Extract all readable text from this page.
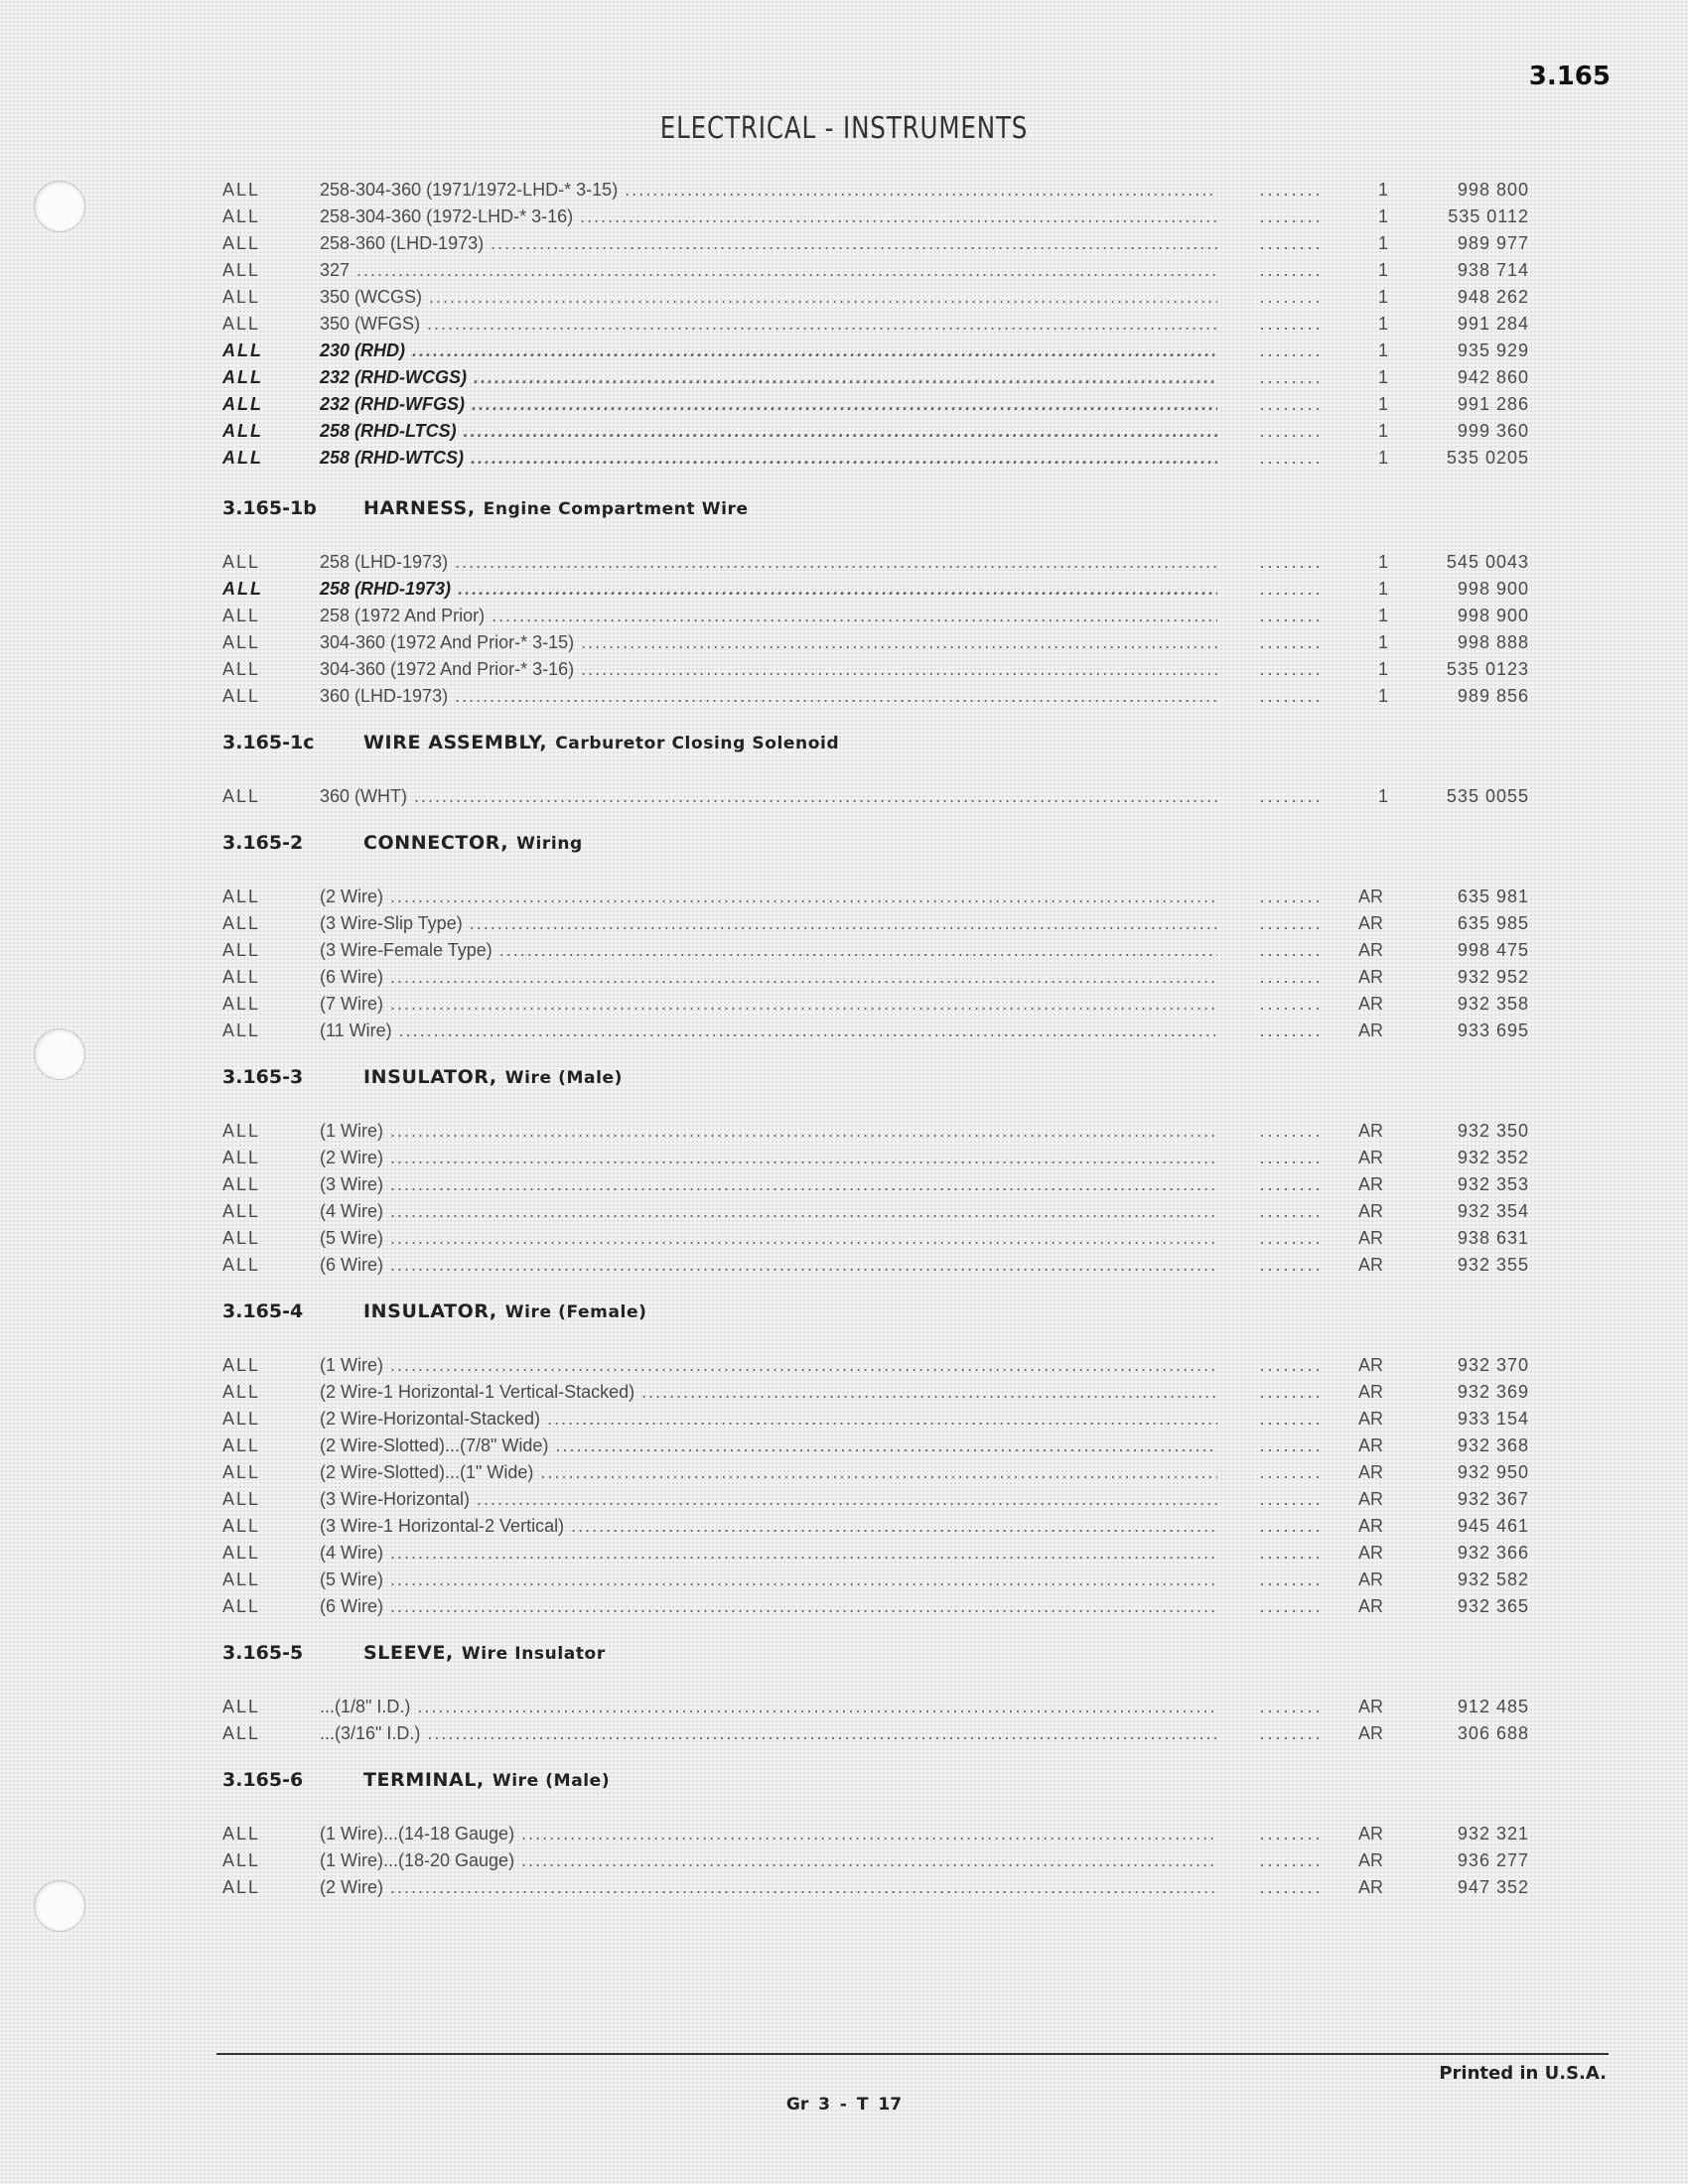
3.165
ELECTRICAL - INSTRUMENTS
ALL	258-304-360 (1971/1972-LHD-* 3-15) .....	․․․․․․․․	1	998 800
ALL	258-304-360 (1972-LHD-* 3-16) .....	․․․․․․․․	1	535 0112
ALL	258-360 (LHD-1973) .....	․․․․․․․․	1	989 977
ALL	327 .....	․․․․․․․․	1	938 714
ALL	350 (WCGS) .....	․․․․․․․․	1	948 262
ALL	350 (WFGS) .....	․․․․․․․․	1	991 284
ALL	230 (RHD) .....	․․․․․․․․	1	935 929
ALL	232 (RHD-WCGS) .....	․․․․․․․․	1	942 860
ALL	232 (RHD-WFGS) .....	․․․․․․․․	1	991 286
ALL	258 (RHD-LTCS) .....	․․․․․․․․	1	999 360
ALL	258 (RHD-WTCS) .....	․․․․․․․․	1	535 0205
3.165-1b HARNESS, Engine Compartment Wire
ALL	258 (LHD-1973) .....	․․․․․․․․	1	545 0043
ALL	258 (RHD-1973) .....	․․․․․․․․	1	998 900
ALL	258 (1972 And Prior) .....	․․․․․․․․	1	998 900
ALL	304-360 (1972 And Prior-* 3-15) .....	․․․․․․․․	1	998 888
ALL	304-360 (1972 And Prior-* 3-16) .....	․․․․․․․․	1	535 0123
ALL	360 (LHD-1973) .....	․․․․․․․․	1	989 856
3.165-1c	WIRE ASSEMBLY, Carburetor Closing Solenoid
ALL	360 (WHT) .....	․․․․․․․․	1	535 0055
3.165-2	CONNECTOR, Wiring
ALL	(2 Wire) .....	․․․․․․․․	AR	635 981
ALL	(3 Wire-Slip Type) .....	․․․․․․․․	AR	635 985
ALL	(3 Wire-Female Type) .....	․․․․․․․․	AR	998 475
ALL	(6 Wire) .....	․․․․․․․․	AR	932 952
ALL	(7 Wire) .....	․․․․․․․․	AR	932 358
ALL	(11 Wire) .....	․․․․․․․․	AR	933 695
3.165-3	INSULATOR, Wire (Male)
ALL	(1 Wire) .....	․․․․․․․․	AR	932 350
ALL	(2 Wire) .....	․․․․․․․․	AR	932 352
ALL	(3 Wire) .....	․․․․․․․․	AR	932 353
ALL	(4 Wire) .....	․․․․․․․․	AR	932 354
ALL	(5 Wire) .....	․․․․․․․․	AR	938 631
ALL	(6 Wire) .....	․․․․․․․․	AR	932 355
3.165-4	INSULATOR, Wire (Female)
ALL	(1 Wire) .....	․․․․․․․․	AR	932 370
ALL	(2 Wire-1 Horizontal-1 Vertical-Stacked) .....	․․․․․․․․	AR	932 369
ALL	(2 Wire-Horizontal-Stacked) .....	․․․․․․․․	AR	933 154
ALL	(2 Wire-Slotted)...(7/8" Wide) .....	․․․․․․․․	AR	932 368
ALL	(2 Wire-Slotted)...(1" Wide) .....	․․․․․․․․	AR	932 950
ALL	(3 Wire-Horizontal) .....	․․․․․․․․	AR	932 367
ALL	(3 Wire-1 Horizontal-2 Vertical) .....	․․․․․․․․	AR	945 461
ALL	(4 Wire) .....	․․․․․․․․	AR	932 366
ALL	(5 Wire) .....	․․․․․․․․	AR	932 582
ALL	(6 Wire) .....	․․․․․․․․	AR	932 365
3.165-5	SLEEVE, Wire Insulator
ALL	...(1/8" I.D.) .....	․․․․․․․․	AR	912 485
ALL	...(3/16" I.D.) .....	․․․․․․․․	AR	306 688
3.165-6	TERMINAL, Wire (Male)
ALL	(1 Wire)...(14-18 Gauge) .....	․․․․․․․․	AR	932 321
ALL	(1 Wire)...(18-20 Gauge) .....	․․․․․․․․	AR	936 277
ALL	(2 Wire) .....	․․․․․․․․	AR	947 352
Printed in U.S.A.
Gr 3 - T 17
